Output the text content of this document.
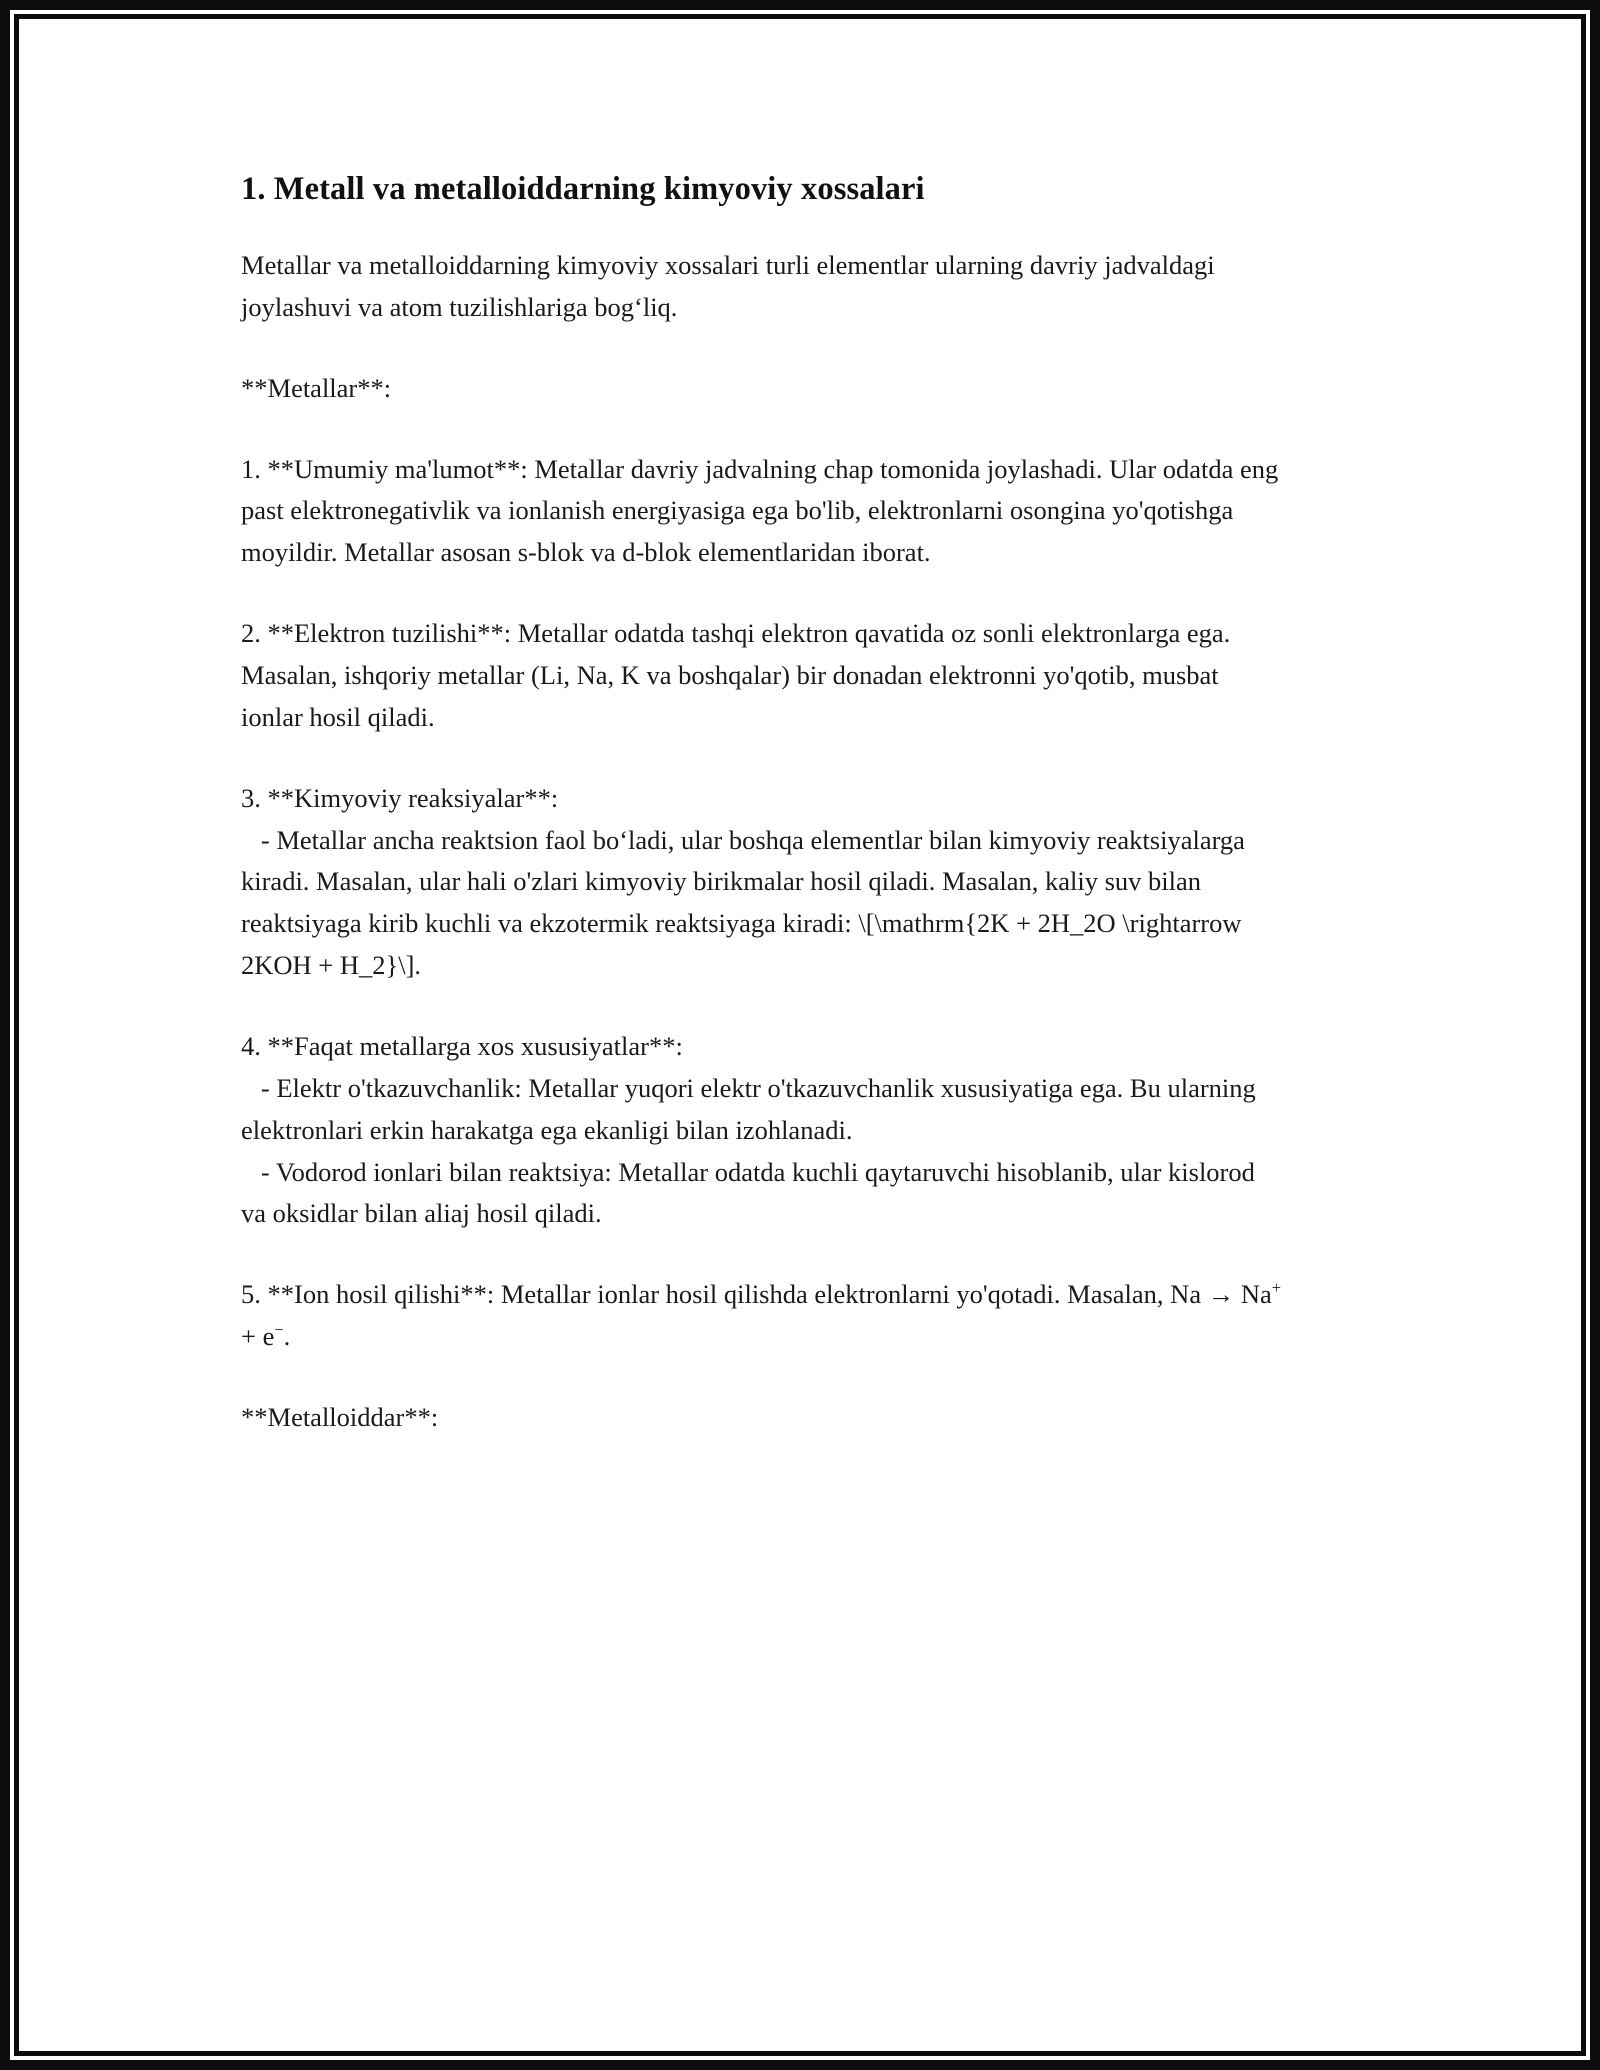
1. Metall va metalloiddarning kimyoviy xossalari

Metallar va metalloiddarning kimyoviy xossalari turli elementlar ularning davriy jadvaldagi joylashuvi va atom tuzilishlariga bog‘liq.

**Metallar**:

1. **Umumiy ma'lumot**: Metallar davriy jadvalning chap tomonida joylashadi. Ular odatda eng past elektronegativlik va ionlanish energiyasiga ega bo'lib, elektronlarni osongina yo'qotishga moyildir. Metallar asosan s-blok va d-blok elementlaridan iborat.

2. **Elektron tuzilishi**: Metallar odatda tashqi elektron qavatida oz sonli elektronlarga ega. Masalan, ishqoriy metallar (Li, Na, K va boshqalar) bir donadan elektronni yo'qotib, musbat ionlar hosil qiladi.

3. **Kimyoviy reaksiyalar**:
- Metallar ancha reaktsion faol bo‘ladi, ular boshqa elementlar bilan kimyoviy reaktsiyalarga kiradi. Masalan, ular hali o'zlari kimyoviy birikmalar hosil qiladi. Masalan, kaliy suv bilan reaktsiyaga kirib kuchli va ekzotermik reaktsiyaga kiradi: \[\mathrm{2K + 2H_2O \rightarrow 2KOH + H_2}\].

4. **Faqat metallarga xos xususiyatlar**:
- Elektr o'tkazuvchanlik: Metallar yuqori elektr o'tkazuvchanlik xususiyatiga ega. Bu ularning elektronlari erkin harakatga ega ekanligi bilan izohlanadi.
- Vodorod ionlari bilan reaktsiya: Metallar odatda kuchli qaytaruvchi hisoblanib, ular kislorod va oksidlar bilan aliaj hosil qiladi.

5. **Ion hosil qilishi**: Metallar ionlar hosil qilishda elektronlarni yo'qotadi. Masalan, Na → Na+ + e−.

**Metalloiddar**:
